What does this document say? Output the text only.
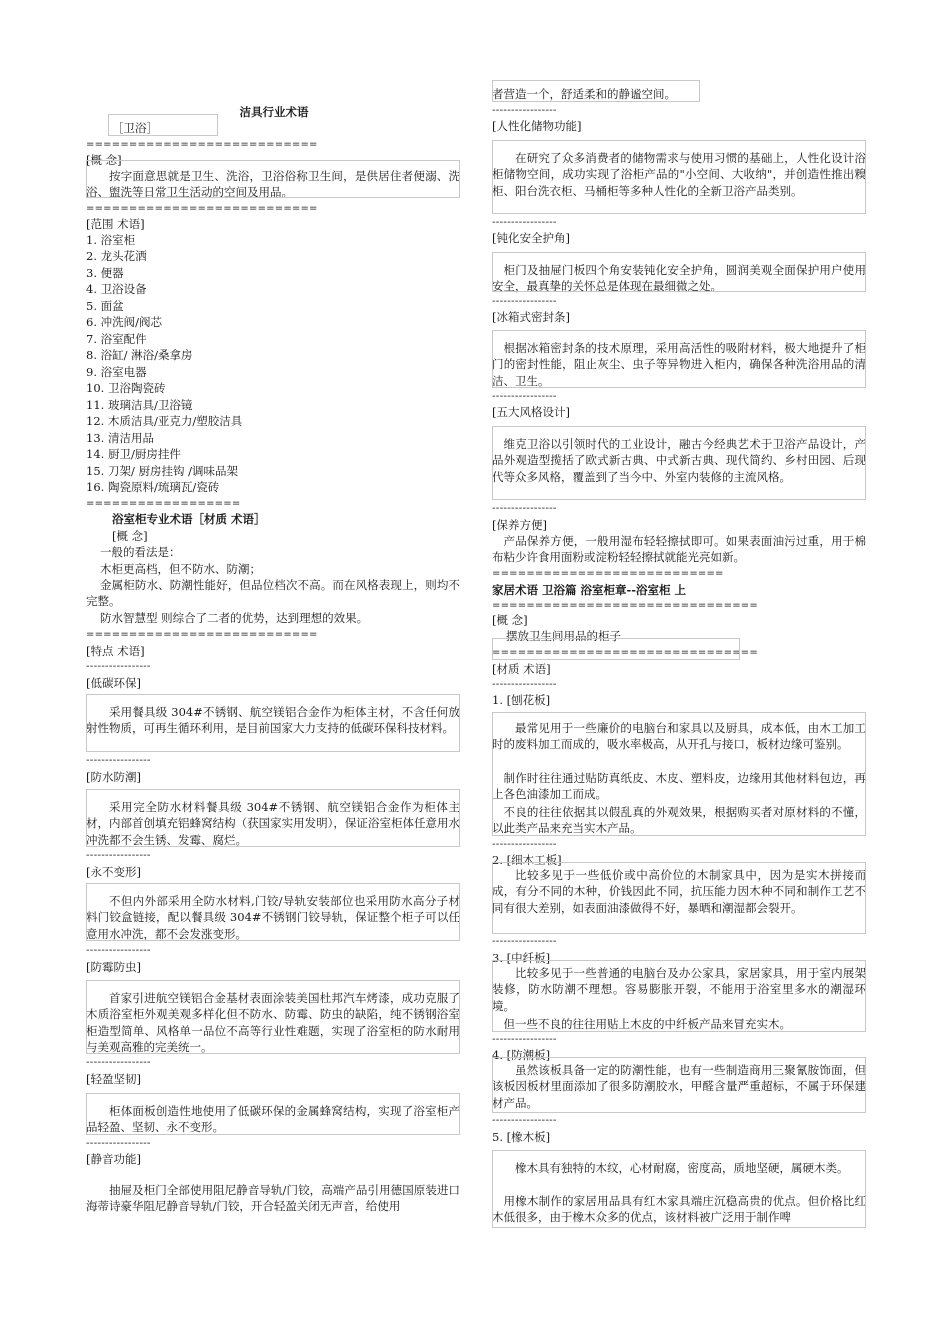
洁具行业术语
［卫浴］
===========================
[概 念]
按字面意思就是卫生、洗浴，卫浴俗称卫生间，是供居住者便溺、洗浴、盥洗等日常卫生活动的空间及用品。
===========================
[范围 术语]
1. 浴室柜
2. 龙头花洒
3. 便器
4. 卫浴设备
5. 面盆
6. 冲洗阀/阀芯
7. 浴室配件
8. 浴缸/ 淋浴/桑拿房
9. 浴室电器
10. 卫浴陶瓷砖
11. 玻璃洁具/卫浴镜
12. 木质洁具/亚克力/塑胶洁具
13. 清洁用品
14. 厨卫/厨房挂件
15. 刀架/ 厨房挂钩 /调味品架
16. 陶瓷原料/琉璃瓦/瓷砖
==================
浴室柜专业术语［材质 术语］
[概 念]
一般的看法是：
木柜更高档，但不防水、防潮；
金属柜防水、防潮性能好，但品位档次不高。而在风格表现上，则均不完整。
防水智慧型 则综合了二者的优势，达到理想的效果。
===========================
[特点 术语]
-----------------
[低碳环保]
采用餐具级 304#不锈钢、航空镁铝合金作为柜体主材，不含任何放射性物质，可再生循环利用，是目前国家大力支持的低碳环保科技材料。
-----------------
[防水防潮]
采用完全防水材料餐具级 304#不锈钢、航空镁铝合金作为柜体主材，内部首创填充铝蜂窝结构（获国家实用发明），保证浴室柜体任意用水冲洗都不会生锈、发霉、腐烂。
-----------------
[永不变形]
不但内外部采用全防水材料,门铰/导轨安装部位也采用防水高分子材料门铰盒链接，配以餐具级 304#不锈钢门铰导轨，保证整个柜子可以任意用水冲洗，都不会发涨变形。
-----------------
[防霉防虫]
首家引进航空镁铝合金基材表面涂装美国杜邦汽车烤漆，成功克服了木质浴室柜外观美观多样化但不防水、防霉、防虫的缺陷，纯不锈钢浴室柜造型简单、风格单一品位不高等行业性难题，实现了浴室柜的防水耐用与美观高雅的完美统一。
-----------------
[轻盈坚韧]
柜体面板创造性地使用了低碳环保的金属蜂窝结构，实现了浴室柜产品轻盈、坚韧、永不变形。
-----------------
[静音功能]
抽屉及柜门全部使用阻尼静音导轨/门铰，高端产品引用德国原装进口海蒂诗豪华阻尼静音导轨/门铰，开合轻盈关闭无声音，给使用
者营造一个，舒适柔和的静谧空间。
-----------------
[人性化储物功能]
在研究了众多消费者的储物需求与使用习惯的基础上，人性化设计浴柜储物空间，成功实现了浴柜产品的"小空间、大收纳"，并创造性推出糗柜、阳台洗衣柜、马桶柜等多种人性化的全新卫浴产品类别。
-----------------
[钝化安全护角]
柜门及抽屉门板四个角安装钝化安全护角，圆润美观全面保护用户使用安全，最真挚的关怀总是体现在最细微之处。
-----------------
[冰箱式密封条]
根据冰箱密封条的技术原理，采用高活性的吸附材料，极大地提升了柜门的密封性能，阻止灰尘、虫子等异物进入柜内，确保各种洗浴用品的清洁、卫生。
-----------------
[五大风格设计]
维克卫浴以引领时代的工业设计，融古今经典艺术于卫浴产品设计，产品外观造型揽括了欧式新古典、中式新古典、现代简约、乡村田园、后现代等众多风格，覆盖到了当今中、外室内装修的主流风格。
-----------------
[保养方便]
产品保养方便，一般用湿布轻轻擦拭即可。如果表面油污过重，用于棉布粘少许食用面粉或淀粉轻轻擦拭就能光亮如新。
===========================
家居术语 卫浴篇 浴室柜章--浴室柜 上
===============================
[概 念]
摆放卫生间用品的柜子
===============================
[材质 术语]
-----------------
1. [刨花板]
最常见用于一些廉价的电脑台和家具以及厨具，成本低，由木工加工时的废料加工而成的，吸水率极高，从开孔与接口，板材边缘可鉴别。
制作时往往通过贴防真纸皮、木皮、塑料皮，边缘用其他材料包边，再上各色油漆加工而成。
不良的往往依据其以假乱真的外观效果，根据购买者对原材料的不懂，以此类产品来充当实木产品。
-----------------
2. [细木工板]
比较多见于一些低价或中高价位的木制家具中，因为是实木拼接而成，有分不同的木种，价钱因此不同，抗压能力因木种不同和制作工艺不同有很大差别，如表面油漆做得不好，暴晒和潮湿都会裂开。
-----------------
3. [中纤板]
比较多见于一些普通的电脑台及办公家具，家居家具，用于室内展架装修，防水防潮不理想。容易膨胀开裂，不能用于浴室里多水的潮湿环境。
但一些不良的往往用贴上木皮的中纤板产品来冒充实木。
-----------------
4. [防潮板]
虽然该板具备一定的防潮性能，也有一些制造商用三聚氰胺饰面，但该板因板材里面添加了很多防潮胶水，甲醛含量严重超标，不属于环保建材产品。
-----------------
5. [橡木板]
橡木具有独特的木纹，心材耐腐，密度高，质地坚硬，属硬木类。
用橡木制作的家居用品具有红木家具端庄沉稳高贵的优点。但价格比红木低很多，由于橡木众多的优点，该材料被广泛用于制作啤
